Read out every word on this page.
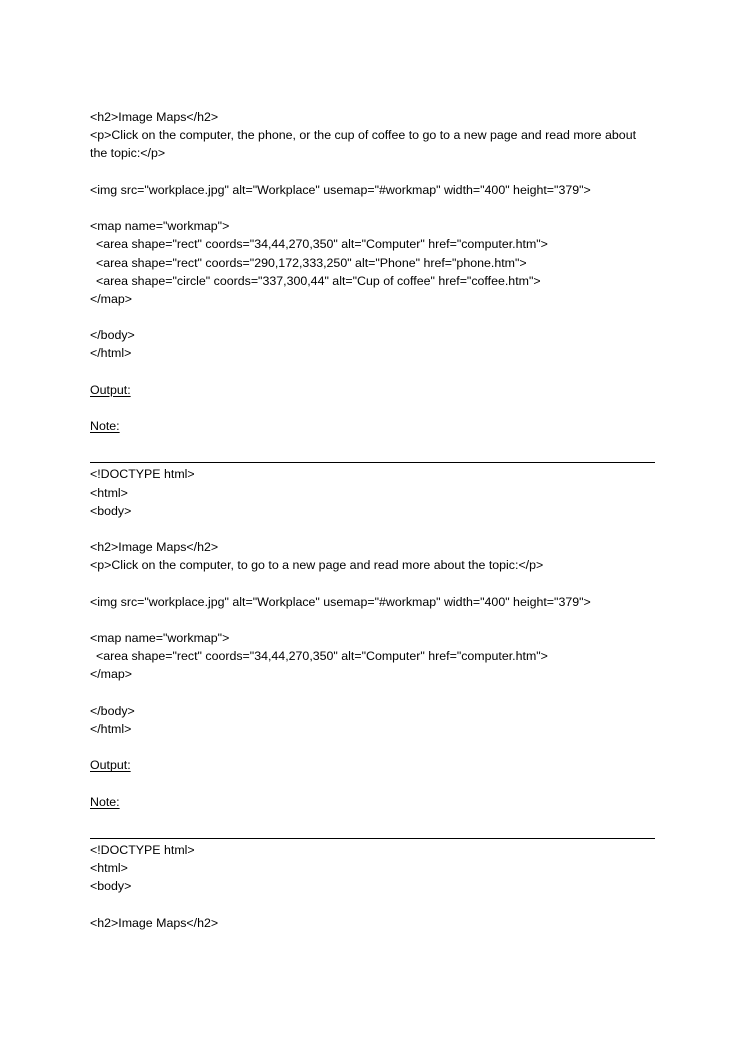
<h2>Image Maps</h2>
<p>Click on the computer, the phone, or the cup of coffee to go to a new page and read more about the topic:</p>
<img src="workplace.jpg" alt="Workplace" usemap="#workmap" width="400" height="379">
<map name="workmap">
<area shape="rect" coords="34,44,270,350" alt="Computer" href="computer.htm">
<area shape="rect" coords="290,172,333,250" alt="Phone" href="phone.htm">
<area shape="circle" coords="337,300,44" alt="Cup of coffee" href="coffee.htm">
</map>
</body>
</html>
Output:
Note:
<!DOCTYPE html>
<html>
<body>
<h2>Image Maps</h2>
<p>Click on the computer, to go to a new page and read more about the topic:</p>
<img src="workplace.jpg" alt="Workplace" usemap="#workmap" width="400" height="379">
<map name="workmap">
<area shape="rect" coords="34,44,270,350" alt="Computer" href="computer.htm">
</map>
</body>
</html>
Output:
Note:
<!DOCTYPE html>
<html>
<body>
<h2>Image Maps</h2>
